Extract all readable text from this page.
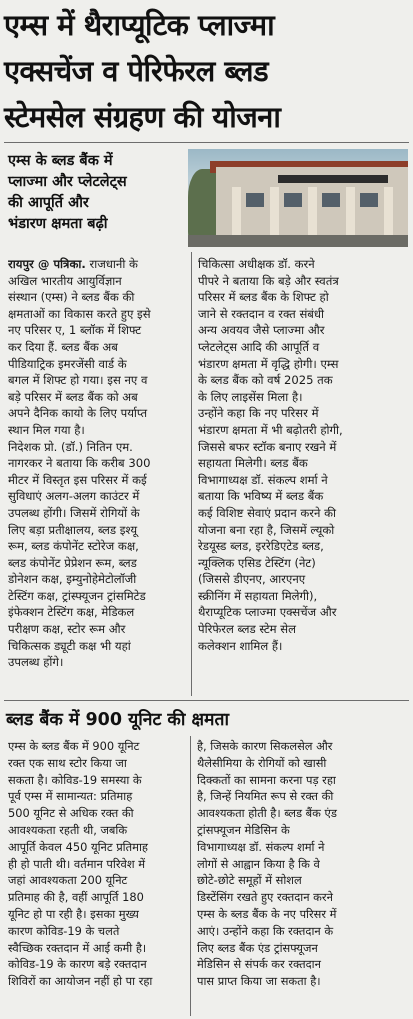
एम्स में थैराप्यूटिक प्लाज्मा
एक्सचेंज व पेरिफेरल ब्लड
स्टेमसेल संग्रहण की योजना
एम्स के ब्लड बैंक में
प्लाज्मा और प्लेटलेट्स
की आपूर्ति और
भंडारण क्षमता बढ़ी
रायपुर @ पत्रिका. राजधानी के
अखिल भारतीय आयुर्विज्ञान
संस्थान (एम्स) ने ब्लड बैंक की
क्षमताओं का विकास करते हुए इसे
नए परिसर ए, 1 ब्लॉक में शिफ्ट
कर दिया हैं. ब्लड बैंक अब
पीडियाट्रिक इमरजेंसी वार्ड के
बगल में शिफ्ट हो गया। इस नए व
बड़े परिसर में ब्लड बैंक को अब
अपने दैनिक कायो के लिए पर्याप्त
स्थान मिल गया है।
निदेशक प्रो. (डॉ.) नितिन एम.
नागरकर ने बताया कि करीब 300
मीटर में विस्तृत इस परिसर में कई
सुविधाएं अलग-अलग काउंटर में
उपलब्ध होंगी। जिसमें रोगियों के
लिए बड़ा प्रतीक्षालय, ब्लड इश्यू
रूम, ब्लड कंपोनेंट स्टोरेज कक्ष,
ब्लड कंपोनेंट प्रेप्रेशन रूम, ब्लड
डोनेशन कक्ष, इम्युनोहेमेटोलॉजी
टेस्टिंग कक्ष, ट्रांस्फ्यूजन ट्रांसमिटेड
इंफेक्शन टेस्टिंग कक्ष, मेडिकल
परीक्षण कक्ष, स्टोर रूम और
चिकित्सक ड्यूटी कक्ष भी यहां
उपलब्ध होंगे।
चिकित्सा अधीक्षक डॉ. करने
पीपरे ने बताया कि बड़े और स्वतंत्र
परिसर में ब्लड बैंक के शिफ्ट हो
जाने से रक्तदान व रक्त संबंधी
अन्य अवयव जैसे प्लाज्मा और
प्लेटलेट्स आदि की आपूर्ति व
भंडारण क्षमता में वृद्धि होगी। एम्स
के ब्लड बैंक को वर्ष 2025 तक
के लिए लाइसेंस मिला है।
उन्होंने कहा कि नए परिसर में
भंडारण क्षमता में भी बढ़ोतरी होगी,
जिससे बफर स्टॉक बनाए रखने में
सहायता मिलेगी। ब्लड बैंक
विभागाध्यक्ष डॉ. संकल्प शर्मा ने
बताया कि भविष्य में ब्लड बैंक
कई विशिष्ट सेवाएं प्रदान करने की
योजना बना रहा है, जिसमें ल्यूको
रेडयूस्ड ब्लड, इररेडिएटेड ब्लड,
न्यूक्लिक एसिड टेस्टिंग (नेट)
(जिससे डीएनए, आरएनए
स्क्रीनिंग में सहायता मिलेगी),
थैराप्यूटिक प्लाज्मा एक्सचेंज और
पेरिफेरल ब्लड स्टेम सेल
कलेक्शन शामिल हैं।
ब्लड बैंक में 900 यूनिट की क्षमता
एम्स के ब्लड बैंक में 900 यूनिट
रक्त एक साथ स्टोर किया जा
सकता है। कोविड-19 समस्या के
पूर्व एम्स में सामान्यत: प्रतिमाह
500 यूनिट से अधिक रक्त की
आवश्यकता रहती थी, जबकि
आपूर्ति केवल 450 यूनिट प्रतिमाह
ही हो पाती थी। वर्तमान परिवेश में
जहां आवश्यकता 200 यूनिट
प्रतिमाह की है, वहीं आपूर्ति 180
यूनिट हो पा रही है। इसका मुख्य
कारण कोविड-19 के चलते
स्वैच्छिक रक्तदान में आई कमी है।
कोविड-19 के कारण बड़े रक्तदान
शिविरों का आयोजन नहीं हो पा रहा
है, जिसके कारण सिकलसेल और
थैलेसीमिया के रोगियों को खासी
दिक्कतों का सामना करना पड़ रहा
है, जिन्हें नियमित रूप से रक्त की
आवश्यकता होती है। ब्लड बैंक एंड
ट्रांसफ्यूजन मेडिसिन के
विभागाध्यक्ष डॉ. संकल्प शर्मा ने
लोगों से आह्वान किया है कि वे
छोटे-छोटे समूहों में सोशल
डिस्टेंसिंग रखते हुए रक्तदान करने
एम्स के ब्लड बैंक के नए परिसर में
आएं। उन्होंने कहा कि रक्तदान के
लिए ब्लड बैंक एंड ट्रांसफ्यूजन
मेडिसिन से संपर्क कर रक्तदान
पास प्राप्त किया जा सकता है।
